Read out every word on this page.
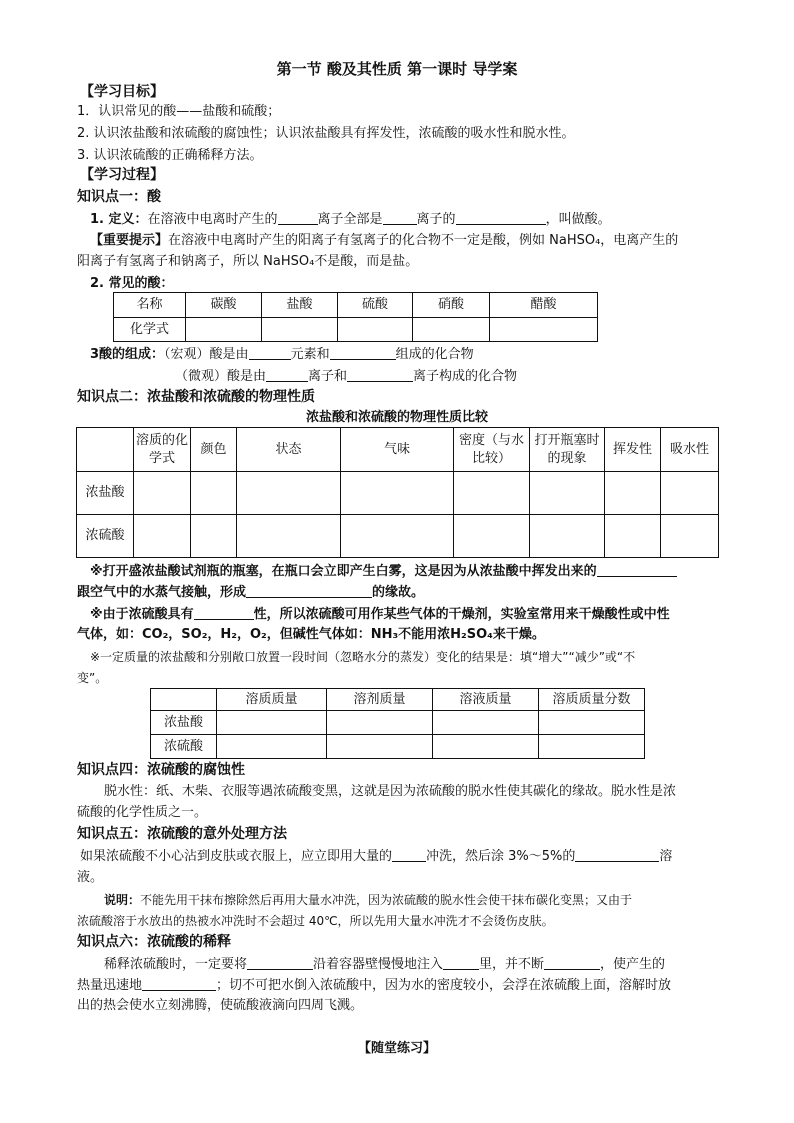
第一节 酸及其性质 第一课时 导学案
【学习目标】
1．认识常见的酸——盐酸和硫酸；
2. 认识浓盐酸和浓硫酸的腐蚀性；认识浓盐酸具有挥发性，浓硫酸的吸水性和脱水性。
3. 认识浓硫酸的正确稀释方法。
【学习过程】
知识点一：酸
1. 定义：在溶液中电离时产生的	离子全部是	离子的	，叫做酸。
【重要提示】在溶液中电离时产生的阳离子有氢离子的化合物不一定是酸，例如 NaHSO₄，电离产生的
阳离子有氢离子和钠离子，所以 NaHSO₄不是酸，而是盐。
2. 常见的酸：
名称	碳酸	盐酸	硫酸	硝酸	醋酸
化学式					
3酸的组成：（宏观）酸是由	元素和	组成的化合物
（微观）酸是由	离子和	离子构成的化合物
知识点二：浓盐酸和浓硫酸的物理性质
浓盐酸和浓硫酸的物理性质比较
	溶质的化学式	颜色	状态	气味	密度（与水比较）	打开瓶塞时的现象	挥发性	吸水性
浓盐酸								
浓硫酸								
※打开盛浓盐酸试剂瓶的瓶塞，在瓶口会立即产生白雾，这是因为从浓盐酸中挥发出来的
跟空气中的水蒸气接触，形成	的缘故。
※由于浓硫酸具有	性，所以浓硫酸可用作某些气体的干燥剂，实验室常用来干燥酸性或中性
气体，如：CO₂，SO₂，H₂，O₂，但碱性气体如：NH₃不能用浓H₂SO₄来干燥。
※一定质量的浓盐酸和分别敞口放置一段时间（忽略水分的蒸发）变化的结果是：填“增大”“减少”或“不
变”。
	溶质质量	溶剂质量	溶液质量	溶质质量分数
浓盐酸				
浓硫酸				
知识点四：浓硫酸的腐蚀性
脱水性：纸、木柴、衣服等遇浓硫酸变黑，这就是因为浓硫酸的脱水性使其碳化的缘故。脱水性是浓
硫酸的化学性质之一。
知识点五：浓硫酸的意外处理方法
如果浓硫酸不小心沾到皮肤或衣服上，应立即用大量的	冲洗，然后涂 3%～5%的	溶
液。
说明：不能先用干抹布擦除然后再用大量水冲洗，因为浓硫酸的脱水性会使干抹布碳化变黑；又由于
浓硫酸溶于水放出的热被水冲洗时不会超过 40℃，所以先用大量水冲洗才不会烫伤皮肤。
知识点六：浓硫酸的稀释
稀释浓硫酸时，一定要将	沿着容器壁慢慢地注入	里，并不断	，使产生的
热量迅速地	；切不可把水倒入浓硫酸中，因为水的密度较小，会浮在浓硫酸上面，溶解时放
出的热会使水立刻沸腾，使硫酸液滴向四周飞溅。
【随堂练习】
